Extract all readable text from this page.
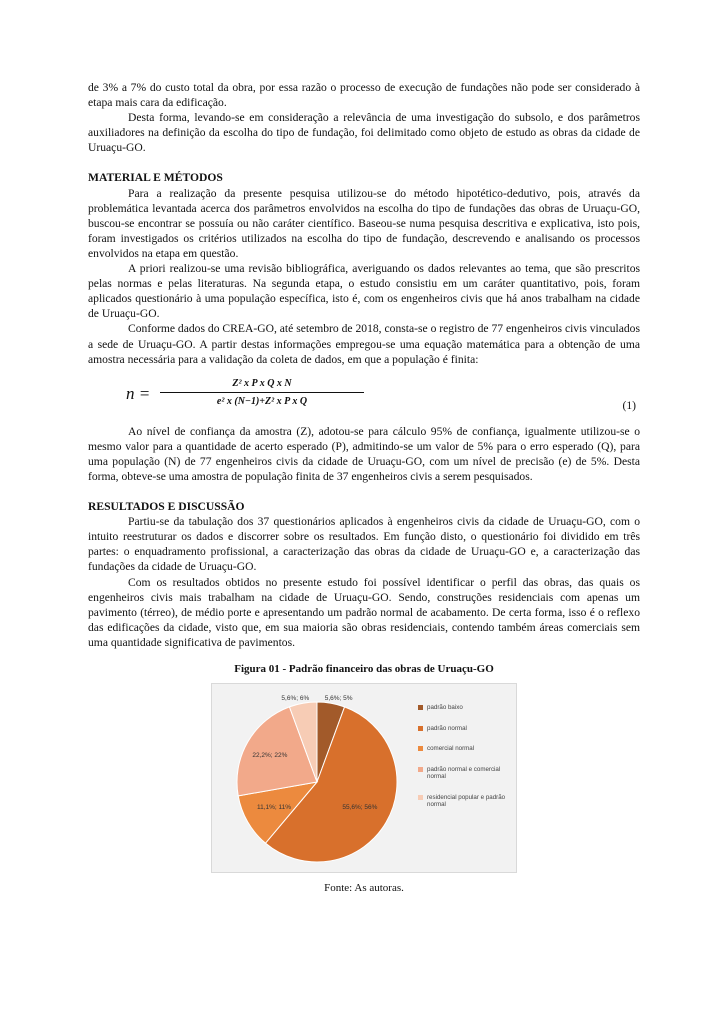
de 3% a 7% do custo total da obra, por essa razão o processo de execução de fundações não pode ser considerado à etapa mais cara da edificação.

Desta forma, levando-se em consideração a relevância de uma investigação do subsolo, e dos parâmetros auxiliadores na definição da escolha do tipo de fundação, foi delimitado como objeto de estudo as obras da cidade de Uruaçu-GO.

MATERIAL E MÉTODOS

Para a realização da presente pesquisa utilizou-se do método hipotético-dedutivo, pois, através da problemática levantada acerca dos parâmetros envolvidos na escolha do tipo de fundações das obras de Uruaçu-GO, buscou-se encontrar se possuía ou não caráter científico. Baseou-se numa pesquisa descritiva e explicativa, isto pois, foram investigados os critérios utilizados na escolha do tipo de fundação, descrevendo e analisando os processos envolvidos na etapa em questão.

A priori realizou-se uma revisão bibliográfica, averiguando os dados relevantes ao tema, que são prescritos pelas normas e pelas literaturas. Na segunda etapa, o estudo consistiu em um caráter quantitativo, pois, foram aplicados questionário à uma população específica, isto é, com os engenheiros civis que há anos trabalham na cidade de Uruaçu-GO.

Conforme dados do CREA-GO, até setembro de 2018, consta-se o registro de 77 engenheiros civis vinculados a sede de Uruaçu-GO. A partir destas informações empregou-se uma equação matemática para a obtenção de uma amostra necessária para a validação da coleta de dados, em que a população é finita:

n =
Z² x P x Q x N
e² x (N−1)+Z² x P x Q	(1)

Ao nível de confiança da amostra (Z), adotou-se para cálculo 95% de confiança, igualmente utilizou-se o mesmo valor para a quantidade de acerto esperado (P), admitindo-se um valor de 5% para o erro esperado (Q), para uma população (N) de 77 engenheiros civis da cidade de Uruaçu-GO, com um nível de precisão (e) de 5%. Desta forma, obteve-se uma amostra de população finita de 37 engenheiros civis a serem pesquisados.

RESULTADOS E DISCUSSÃO

Partiu-se da tabulação dos 37 questionários aplicados à engenheiros civis da cidade de Uruaçu-GO, com o intuito reestruturar os dados e discorrer sobre os resultados. Em função disto, o questionário foi dividido em três partes: o enquadramento profissional, a caracterização das obras da cidade de Uruaçu-GO e, a caracterização das fundações da cidade de Uruaçu-GO.

Com os resultados obtidos no presente estudo foi possível identificar o perfil das obras, das quais os engenheiros civis mais trabalham na cidade de Uruaçu-GO. Sendo, construções residenciais com apenas um pavimento (térreo), de médio porte e apresentando um padrão normal de acabamento. De certa forma, isso é o reflexo das edificações da cidade, visto que, em sua maioria são obras residenciais, contendo também áreas comerciais sem uma quantidade significativa de pavimentos.

Figura 01 - Padrão financeiro das obras de Uruaçu-GO
5,6%; 5%
55,6%; 56%
11,1%; 11%
22,2%; 22%
5,6%; 6%
padrão baixo
padrão normal
comercial normal
padrão normal e comercial normal
residencial popular e padrão normal
Fonte: As autoras.
